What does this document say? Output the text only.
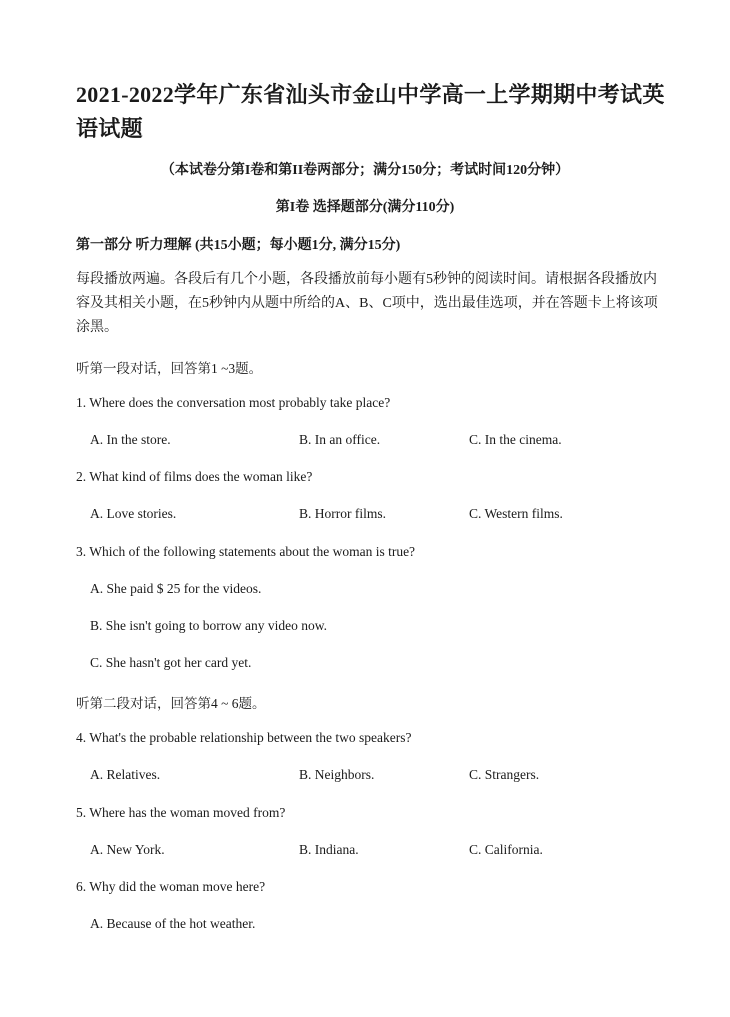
2021-2022学年广东省汕头市金山中学高一上学期期中考试英语试题
（本试卷分第I卷和第II卷两部分；满分150分；考试时间120分钟）
第I卷 选择题部分(满分110分)
第一部分 听力理解 (共15小题；每小题1分, 满分15分)

每段播放两遍。各段后有几个小题，各段播放前每小题有5秒钟的阅读时间。请根据各段播放内容及其相关小题，在5秒钟内从题中所给的A、B、C项中，选出最佳选项，并在答题卡上将该项涂黑。

听第一段对话，回答第1 ~3题。
1. Where does the conversation most probably take place?
A. In the store.	B. In an office.	C. In the cinema.
2. What kind of films does the woman like?
A. Love stories.	B. Horror films.	C. Western films.
3. Which of the following statements about the woman is true?
A. She paid $ 25 for the videos.
B. She isn't going to borrow any video now.
C. She hasn't got her card yet.
听第二段对话，回答第4 ~ 6题。
4. What's the probable relationship between the two speakers?
A. Relatives.	B. Neighbors.	C. Strangers.
5. Where has the woman moved from?
A. New York.	B. Indiana.	C. California.
6. Why did the woman move here?
A. Because of the hot weather.
